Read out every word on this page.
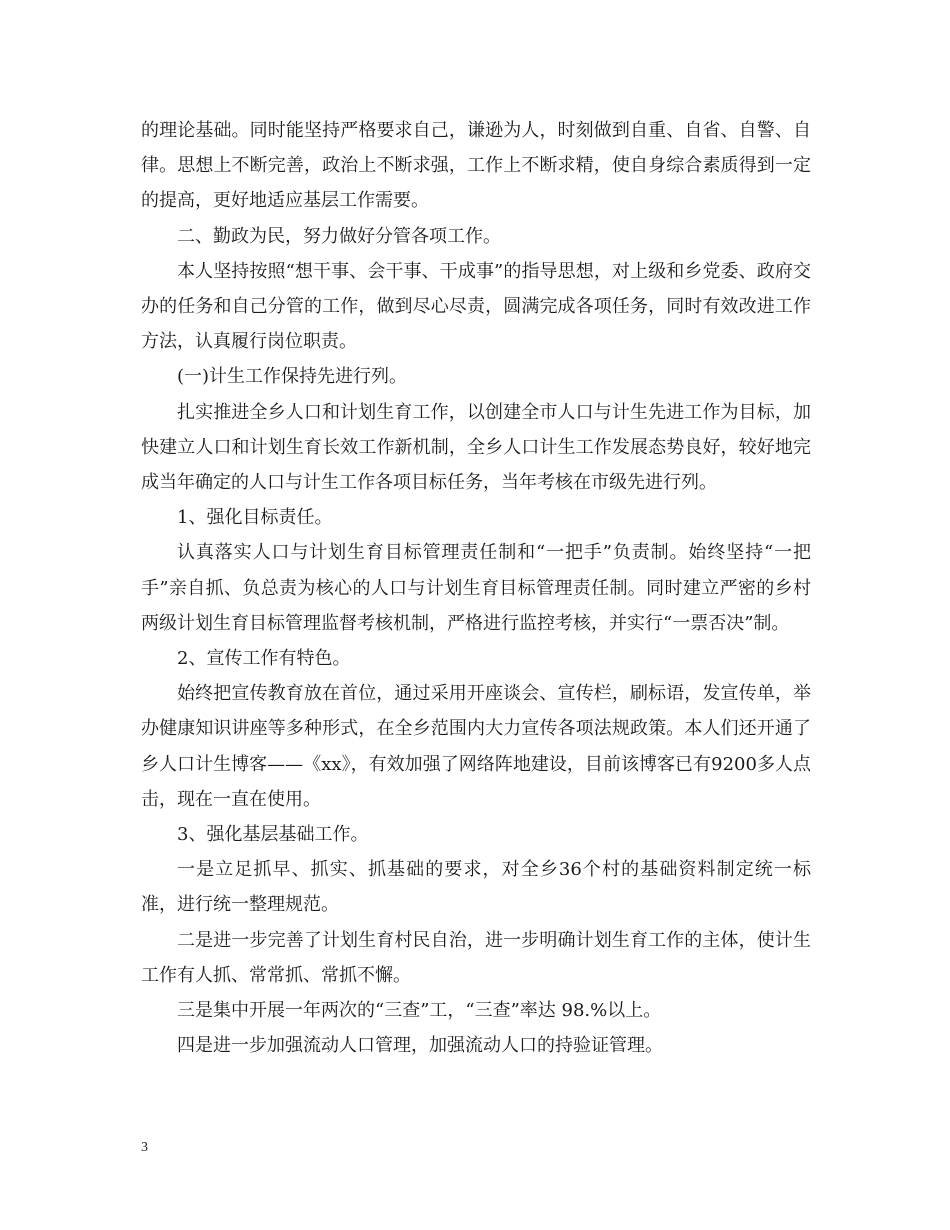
的理论基础。同时能坚持严格要求自己，谦逊为人，时刻做到自重、自省、自警、自律。思想上不断完善，政治上不断求强，工作上不断求精，使自身综合素质得到一定的提高，更好地适应基层工作需要。

二、勤政为民，努力做好分管各项工作。

本人坚持按照“想干事、会干事、干成事”的指导思想，对上级和乡党委、政府交办的任务和自己分管的工作，做到尽心尽责，圆满完成各项任务，同时有效改进工作方法，认真履行岗位职责。

(一)计生工作保持先进行列。

扎实推进全乡人口和计划生育工作，以创建全市人口与计生先进工作为目标，加快建立人口和计划生育长效工作新机制，全乡人口计生工作发展态势良好，较好地完成当年确定的人口与计生工作各项目标任务，当年考核在市级先进行列。

1、强化目标责任。

认真落实人口与计划生育目标管理责任制和“一把手”负责制。始终坚持“一把手”亲自抓、负总责为核心的人口与计划生育目标管理责任制。同时建立严密的乡村两级计划生育目标管理监督考核机制，严格进行监控考核，并实行“一票否决”制。

2、宣传工作有特色。

始终把宣传教育放在首位，通过采用开座谈会、宣传栏，刷标语，发宣传单，举办健康知识讲座等多种形式，在全乡范围内大力宣传各项法规政策。本人们还开通了乡人口计生博客——《xx》，有效加强了网络阵地建设，目前该博客已有9200多人点击，现在一直在使用。

3、强化基层基础工作。

一是立足抓早、抓实、抓基础的要求，对全乡36个村的基础资料制定统一标准，进行统一整理规范。

二是进一步完善了计划生育村民自治，进一步明确计划生育工作的主体，使计生工作有人抓、常常抓、常抓不懈。

三是集中开展一年两次的“三查”工，“三查”率达 98.%以上。

四是进一步加强流动人口管理，加强流动人口的持验证管理。

3
